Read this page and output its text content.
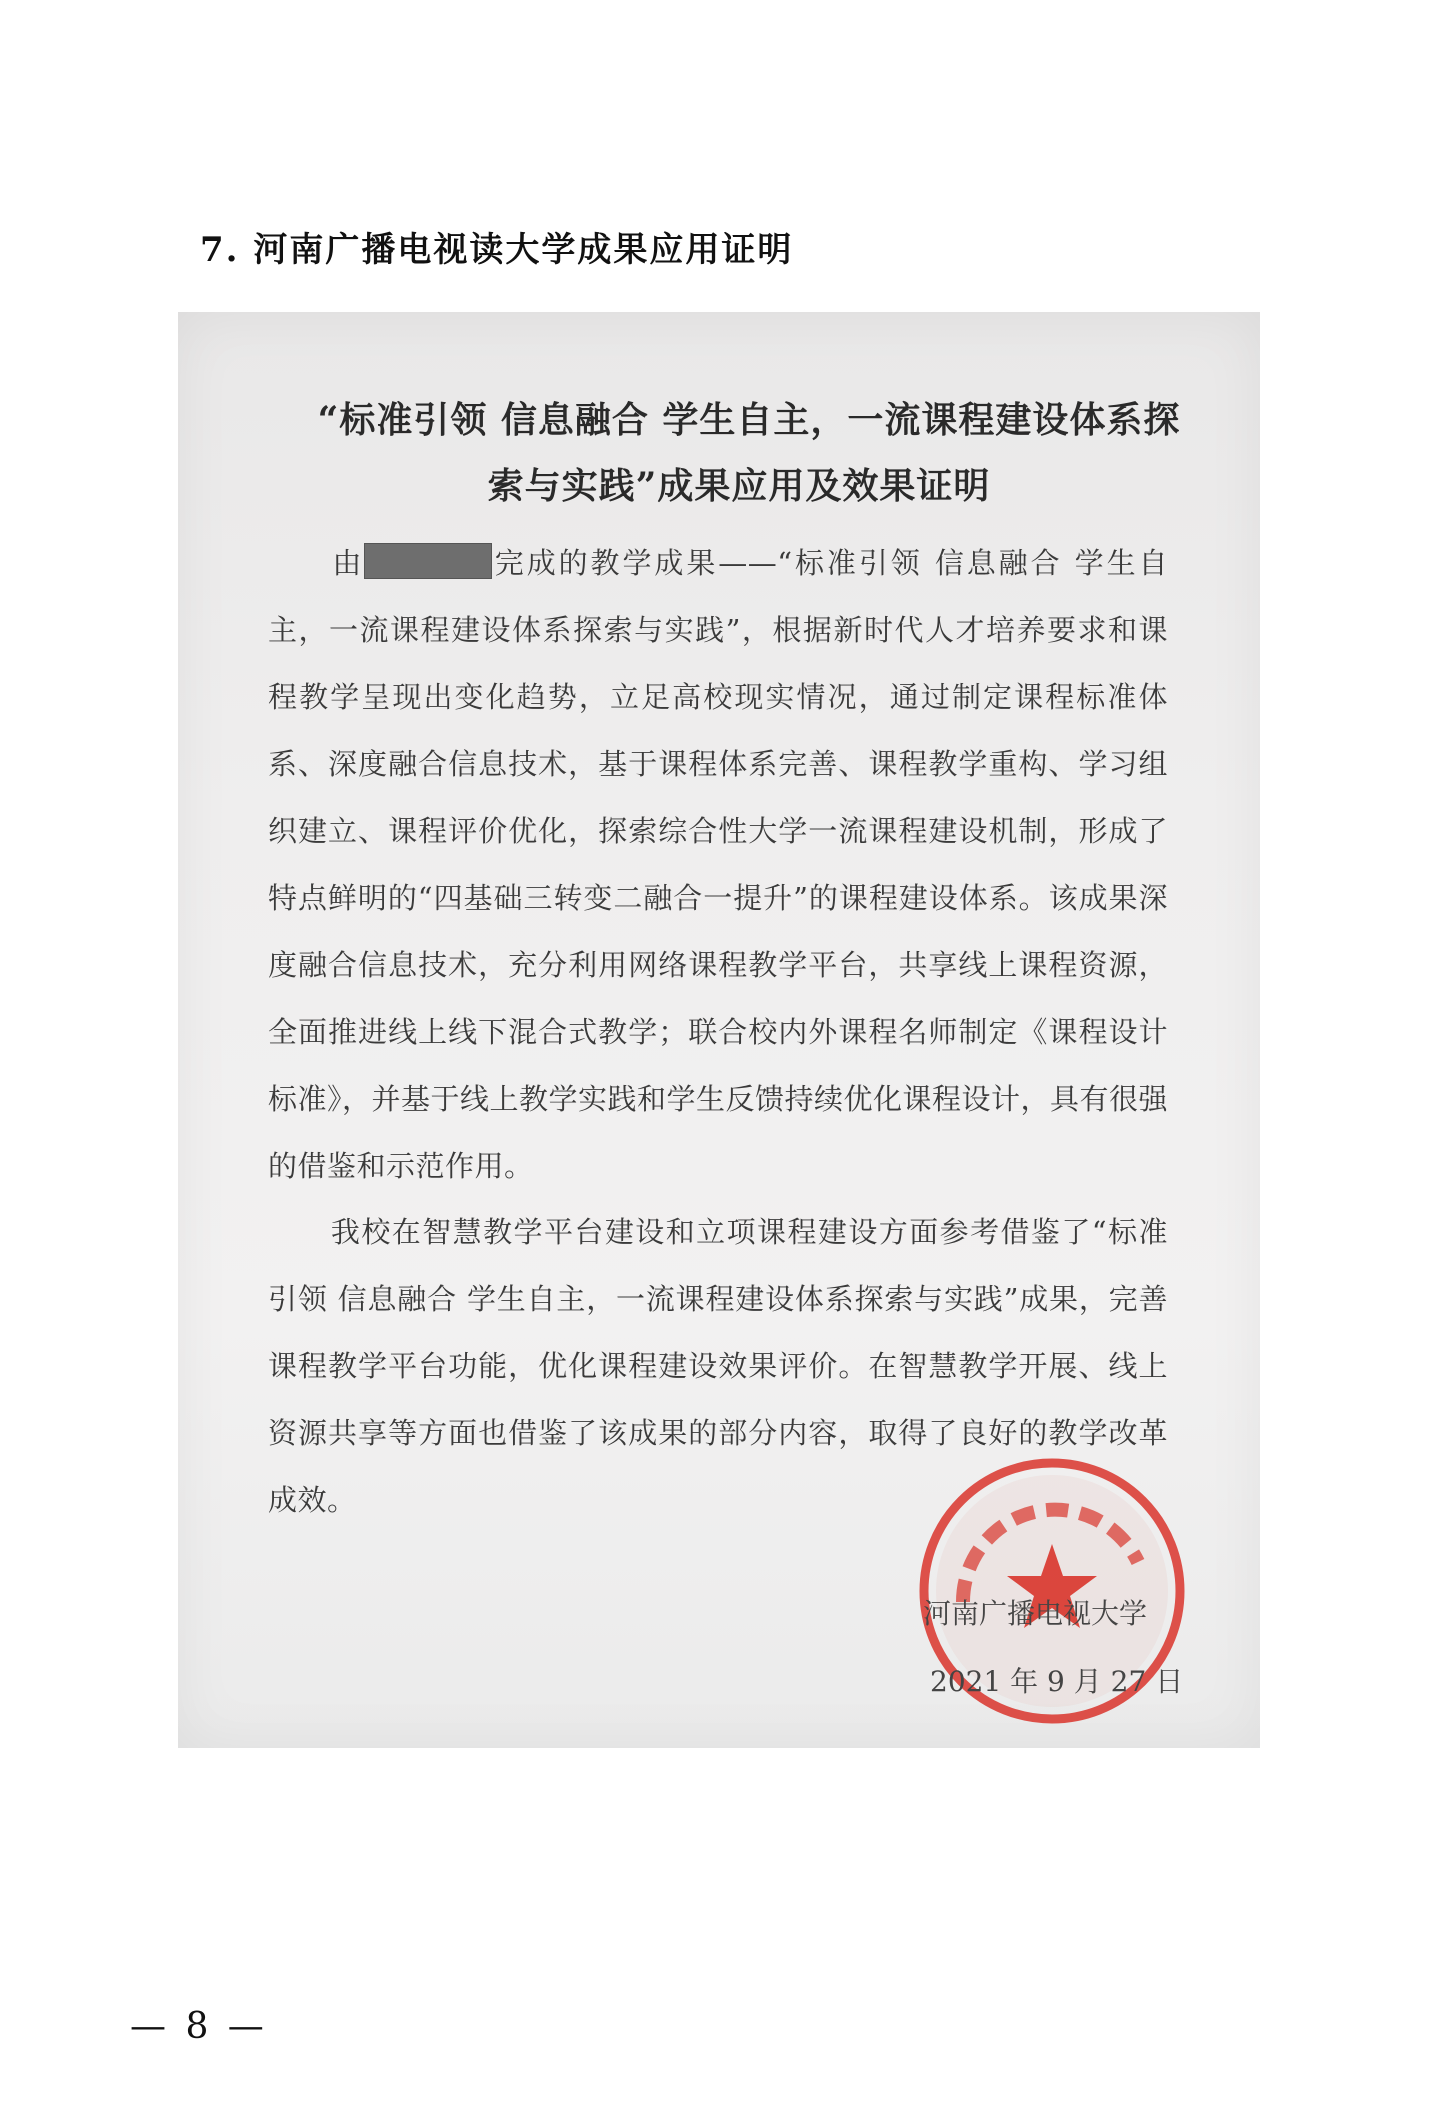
7. 河南广播电视读大学成果应用证明
“标准引领 信息融合 学生自主，一流课程建设体系探
索与实践”成果应用及效果证明
由	完成的教学成果——“标准引领 信息融合 学生自主，一流课程建设体系探索与实践”，根据新时代人才培养要求和课程教学呈现出变化趋势，立足高校现实情况，通过制定课程标准体系、深度融合信息技术，基于课程体系完善、课程教学重构、学习组织建立、课程评价优化，探索综合性大学一流课程建设机制，形成了特点鲜明的“四基础三转变二融合一提升”的课程建设体系。该成果深度融合信息技术，充分利用网络课程教学平台，共享线上课程资源，全面推进线上线下混合式教学；联合校内外课程名师制定《课程设计标准》，并基于线上教学实践和学生反馈持续优化课程设计，具有很强的借鉴和示范作用。
我校在智慧教学平台建设和立项课程建设方面参考借鉴了“标准引领 信息融合 学生自主，一流课程建设体系探索与实践”成果，完善课程教学平台功能，优化课程建设效果评价。在智慧教学开展、线上资源共享等方面也借鉴了该成果的部分内容，取得了良好的教学改革成效。
河南广播电视大学
2021 年 9 月 27 日
— 8 —
